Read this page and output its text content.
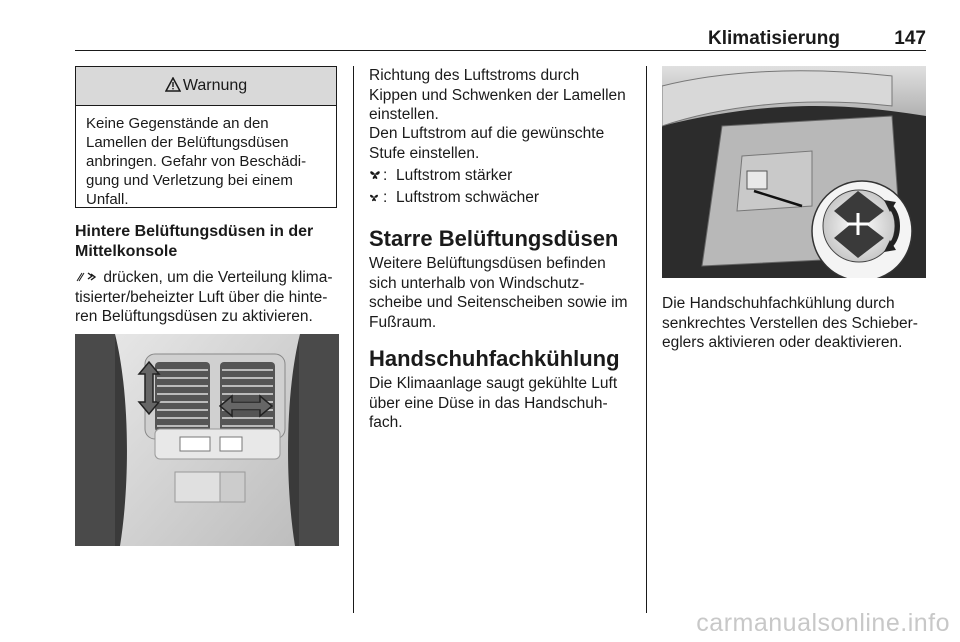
Klimatisierung	147
Warnung
Keine Gegenstände an den
Lamellen der Belüftungsdüsen
anbringen. Gefahr von Beschädi-
gung und Verletzung bei einem
Unfall.
Hintere Belüftungsdüsen in der
Mittelkonsole
drücken, um die Verteilung klima-
tisierter/beheizter Luft über die hinte-
ren Belüftungsdüsen zu aktivieren.
Richtung des Luftstroms durch
Kippen und Schwenken der Lamellen
einstellen.
Den Luftstrom auf die gewünschte
Stufe einstellen.
: Luftstrom stärker
: Luftstrom schwächer
Starre Belüftungsdüsen
Weitere Belüftungsdüsen befinden
sich unterhalb von Windschutz-
scheibe und Seitenscheiben sowie im
Fußraum.
Handschuhfachkühlung
Die Klimaanlage saugt gekühlte Luft
über eine Düse in das Handschuh-
fach.
Die Handschuhfachkühlung durch
senkrechtes Verstellen des Schieber-
eglers aktivieren oder deaktivieren.
carmanualsonline.info
